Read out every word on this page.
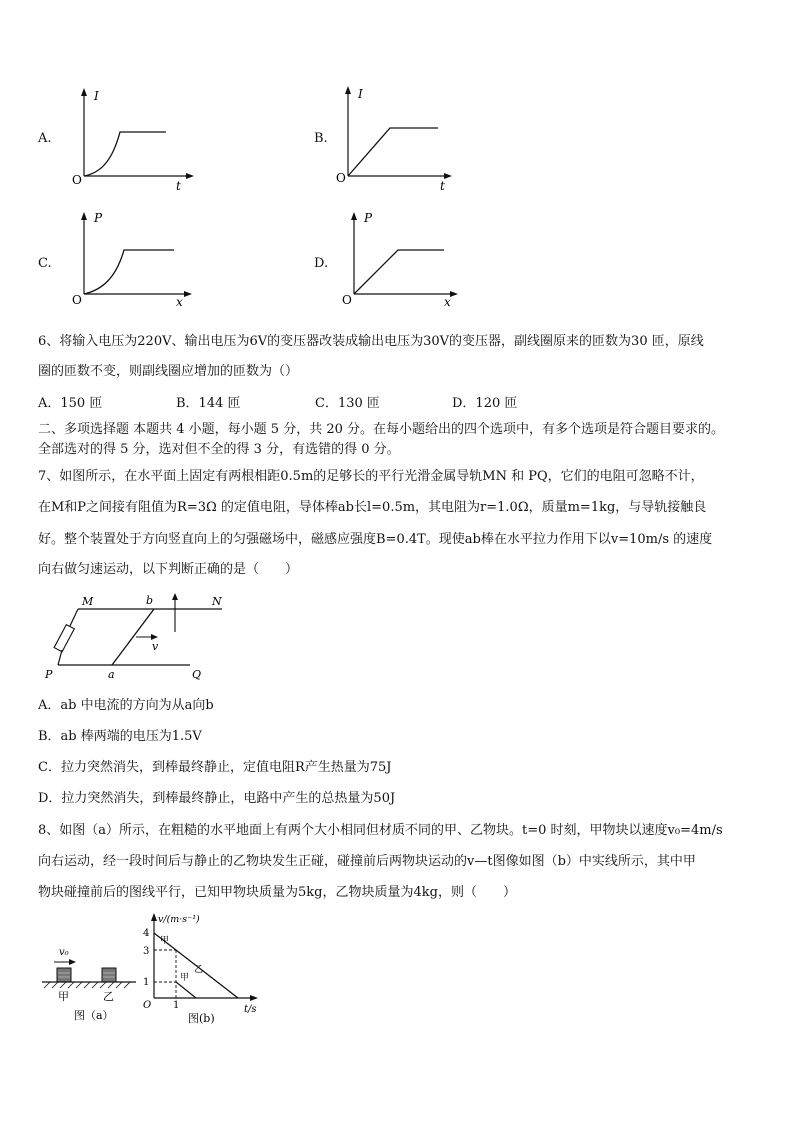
A.
I
O	t
B.
I
O
t
C.
P
O	x
D.
P
O	x
6、将输入电压为220V、输出电压为6V的变压器改装成输出电压为30V的变压器，副线圈原来的匝数为30 匝，原线
圈的匝数不变，则副线圈应增加的匝数为（）
A．150 匝	B．144 匝	C．130 匝	D．120 匝
二、多项选择题 本题共 4 小题，每小题 5 分，共 20 分。在每小题给出的四个选项中，有多个选项是符合题目要求的。
全部选对的得 5 分，选对但不全的得 3 分，有选错的得 0 分。
7、如图所示，在水平面上固定有两根相距0.5m的足够长的平行光滑金属导轨MN 和 PQ，它们的电阻可忽略不计，
在M和P之间接有阻值为R=3Ω 的定值电阻，导体棒ab长l=0.5m，其电阻为r=1.0Ω，质量m=1kg，与导轨接触良
好。整个装置处于方向竖直向上的匀强磁场中，磁感应强度B=0.4T。现使ab棒在水平拉力作用下以v=10m/s 的速度
向右做匀速运动，以下判断正确的是（　　）
M	N
b
v
P	a	Q
A．ab 中电流的方向为从a向b
B．ab 棒两端的电压为1.5V
C．拉力突然消失，到棒最终静止，定值电阻R产生热量为75J
D．拉力突然消失，到棒最终静止，电路中产生的总热量为50J
8、如图（a）所示，在粗糙的水平地面上有两个大小相同但材质不同的甲、乙物块。t=0 时刻，甲物块以速度v₀=4m/s
向右运动，经一段时间后与静止的乙物块发生正碰，碰撞前后两物块运动的v—t图像如图（b）中实线所示，其中甲
物块碰撞前后的图线平行，已知甲物块质量为5kg，乙物块质量为4kg，则（　　）
v₀
甲	乙
图（a）
v/(m·s⁻¹)
4
3
1
O 1	t/s
甲
乙
甲
图(b)
